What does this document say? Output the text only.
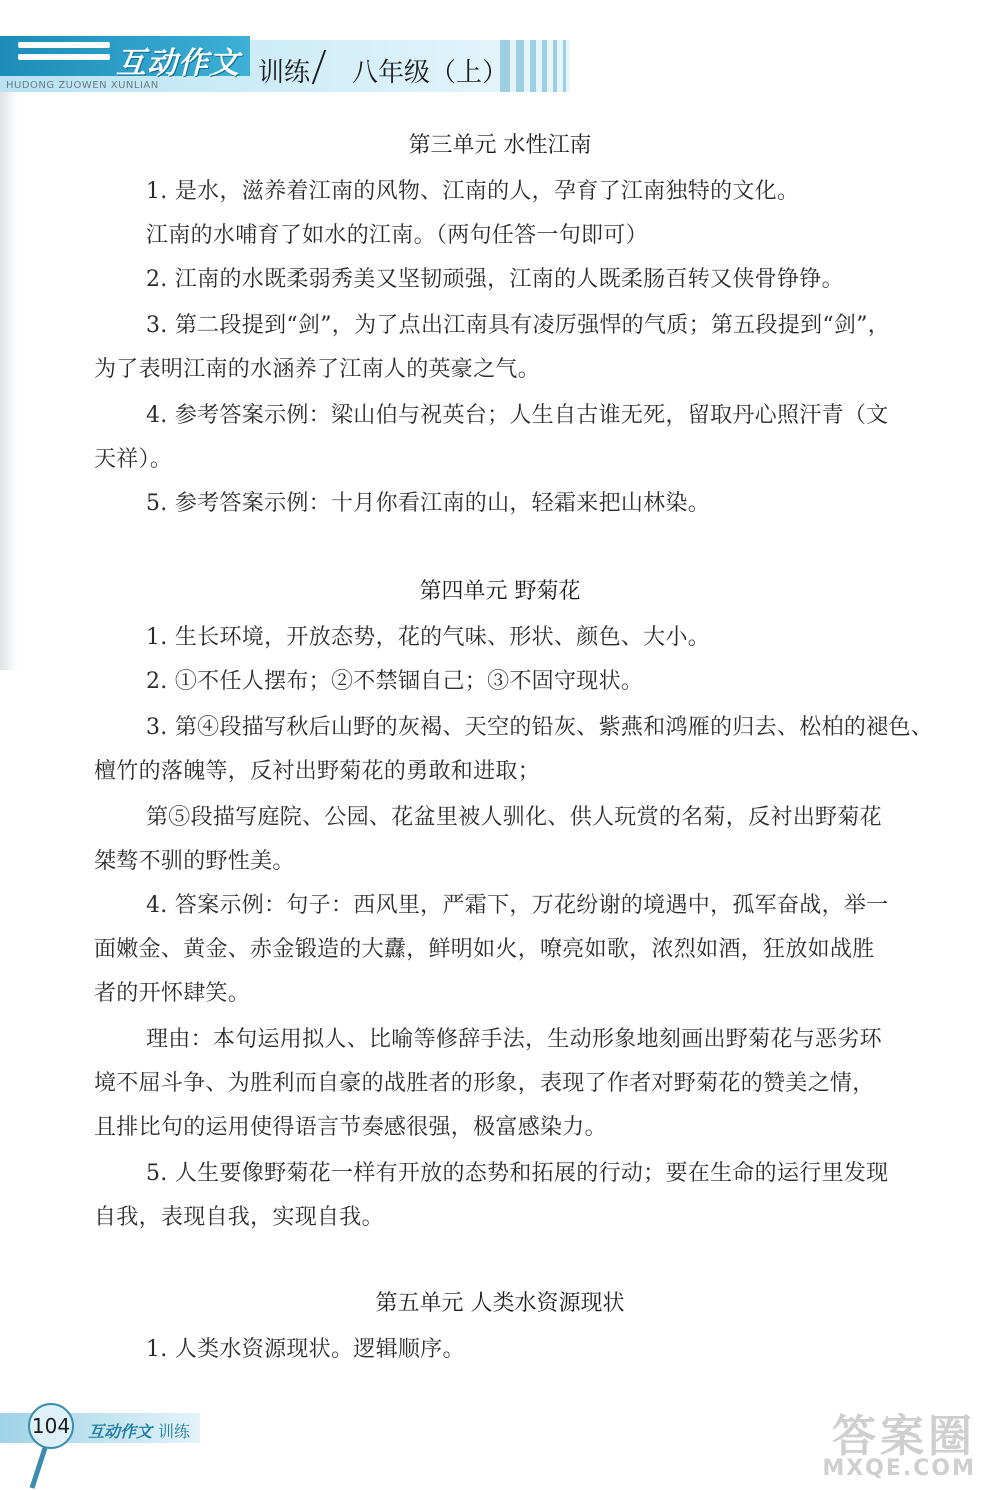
互动作文
HUDONG ZUOWEN XUNLIAN	训练 八年级（上）
第三单元 水性江南
1. 是水，滋养着江南的风物、江南的人，孕育了江南独特的文化。
江南的水哺育了如水的江南。（两句任答一句即可）
2. 江南的水既柔弱秀美又坚韧顽强，江南的人既柔肠百转又侠骨铮铮。
3. 第二段提到“剑”，为了点出江南具有凌厉强悍的气质；第五段提到“剑”，
为了表明江南的水涵养了江南人的英豪之气。
4. 参考答案示例：梁山伯与祝英台；人生自古谁无死，留取丹心照汗青（文
天祥）。
5. 参考答案示例：十月你看江南的山，轻霜来把山林染。
第四单元 野菊花
1. 生长环境，开放态势，花的气味、形状、颜色、大小。
2. ①不任人摆布；②不禁锢自己；③不固守现状。
3. 第④段描写秋后山野的灰褐、天空的铅灰、紫燕和鸿雁的归去、松柏的褪色、
檀竹的落魄等，反衬出野菊花的勇敢和进取；
第⑤段描写庭院、公园、花盆里被人驯化、供人玩赏的名菊，反衬出野菊花
桀骜不驯的野性美。
4. 答案示例：句子：西风里，严霜下，万花纷谢的境遇中，孤军奋战，举一
面嫩金、黄金、赤金锻造的大纛，鲜明如火，嘹亮如歌，浓烈如酒，狂放如战胜
者的开怀肆笑。
理由：本句运用拟人、比喻等修辞手法，生动形象地刻画出野菊花与恶劣环
境不屈斗争、为胜利而自豪的战胜者的形象，表现了作者对野菊花的赞美之情，
且排比句的运用使得语言节奏感很强，极富感染力。
5. 人生要像野菊花一样有开放的态势和拓展的行动；要在生命的运行里发现
自我，表现自我，实现自我。
第五单元 人类水资源现状
1. 人类水资源现状。逻辑顺序。
104 互动作文 训练	答案圈
MXQE.COM
